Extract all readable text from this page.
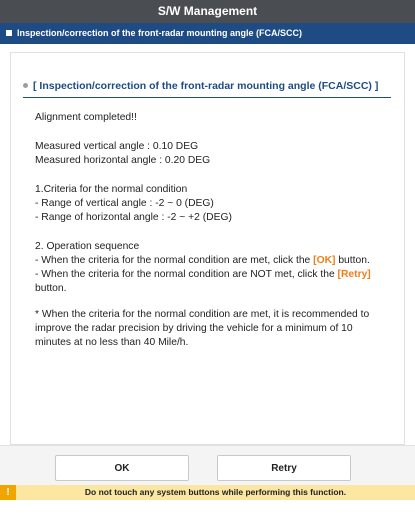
S/W Management
Inspection/correction of the front-radar mounting angle (FCA/SCC)
[ Inspection/correction of the front-radar mounting angle (FCA/SCC) ]

Alignment completed!!

Measured vertical angle : 0.10 DEG

Measured horizontal angle : 0.20 DEG

1.Criteria for the normal condition

- Range of vertical angle : -2 ~ 0 (DEG)

- Range of horizontal angle : -2 ~ +2 (DEG)

2. Operation sequence

- When the criteria for the normal condition are met, click the [OK] button.

- When the criteria for the normal condition are NOT met, click the [Retry] button.

* When the criteria for the normal condition are met, it is recommended to improve the radar precision by driving the vehicle for a minimum of 10 minutes at no less than 40 Mile/h.

OK	Retry
!	Do not touch any system buttons while performing this function.
